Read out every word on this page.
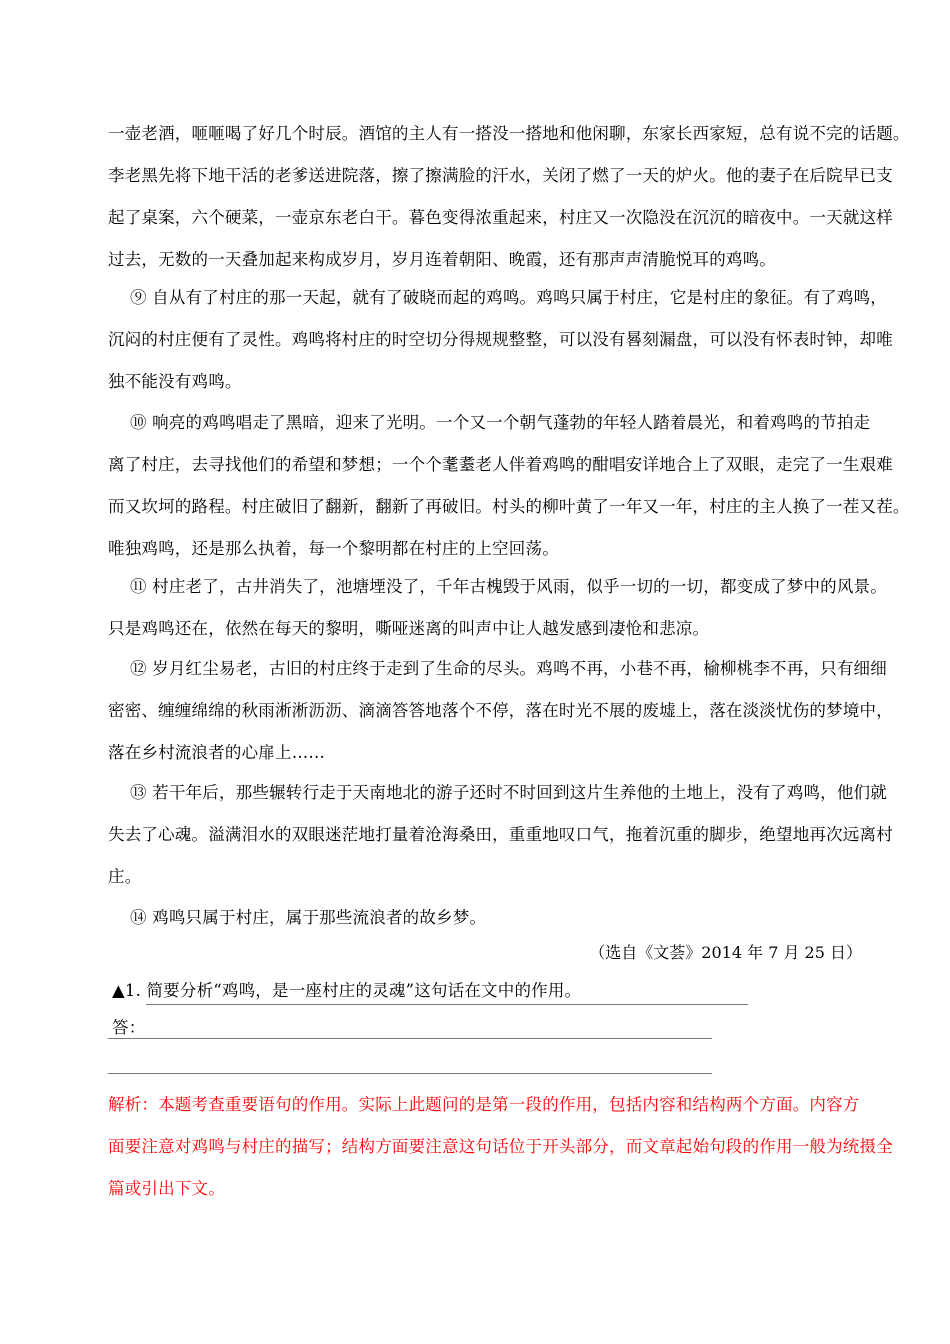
一壶老酒，咂咂喝了好几个时辰。酒馆的主人有一搭没一搭地和他闲聊，东家长西家短，总有说不完的话题。
李老黑先将下地干活的老爹送进院落，擦了擦满脸的汗水，关闭了燃了一天的炉火。他的妻子在后院早已支
起了桌案，六个硬菜，一壶京东老白干。暮色变得浓重起来，村庄又一次隐没在沉沉的暗夜中。一天就这样
过去，无数的一天叠加起来构成岁月，岁月连着朝阳、晚霞，还有那声声清脆悦耳的鸡鸣。
⑨ 自从有了村庄的那一天起，就有了破晓而起的鸡鸣。鸡鸣只属于村庄，它是村庄的象征。有了鸡鸣，
沉闷的村庄便有了灵性。鸡鸣将村庄的时空切分得规规整整，可以没有晷刻漏盘，可以没有怀表时钟，却唯
独不能没有鸡鸣。
⑩ 响亮的鸡鸣唱走了黑暗，迎来了光明。一个又一个朝气蓬勃的年轻人踏着晨光，和着鸡鸣的节拍走
离了村庄，去寻找他们的希望和梦想；一个个耄耋老人伴着鸡鸣的酣唱安详地合上了双眼，走完了一生艰难
而又坎坷的路程。村庄破旧了翻新，翻新了再破旧。村头的柳叶黄了一年又一年，村庄的主人换了一茬又茬。
唯独鸡鸣，还是那么执着，每一个黎明都在村庄的上空回荡。
⑪ 村庄老了，古井消失了，池塘堙没了，千年古槐毁于风雨，似乎一切的一切，都变成了梦中的风景。
只是鸡鸣还在，依然在每天的黎明，嘶哑迷离的叫声中让人越发感到凄怆和悲凉。
⑫ 岁月红尘易老，古旧的村庄终于走到了生命的尽头。鸡鸣不再，小巷不再，榆柳桃李不再，只有细细
密密、缠缠绵绵的秋雨淅淅沥沥、滴滴答答地落个不停，落在时光不展的废墟上，落在淡淡忧伤的梦境中，
落在乡村流浪者的心扉上……
⑬ 若干年后，那些辗转行走于天南地北的游子还时不时回到这片生养他的土地上，没有了鸡鸣，他们就
失去了心魂。溢满泪水的双眼迷茫地打量着沧海桑田，重重地叹口气，拖着沉重的脚步，绝望地再次远离村
庄。
⑭ 鸡鸣只属于村庄，属于那些流浪者的故乡梦。
（选自《文荟》2014 年 7 月 25 日）
▲1. 简要分析“鸡鸣，是一座村庄的灵魂”这句话在文中的作用。
答：
解析：本题考查重要语句的作用。实际上此题问的是第一段的作用，包括内容和结构两个方面。内容方
面要注意对鸡鸣与村庄的描写；结构方面要注意这句话位于开头部分，而文章起始句段的作用一般为统摄全
篇或引出下文。
